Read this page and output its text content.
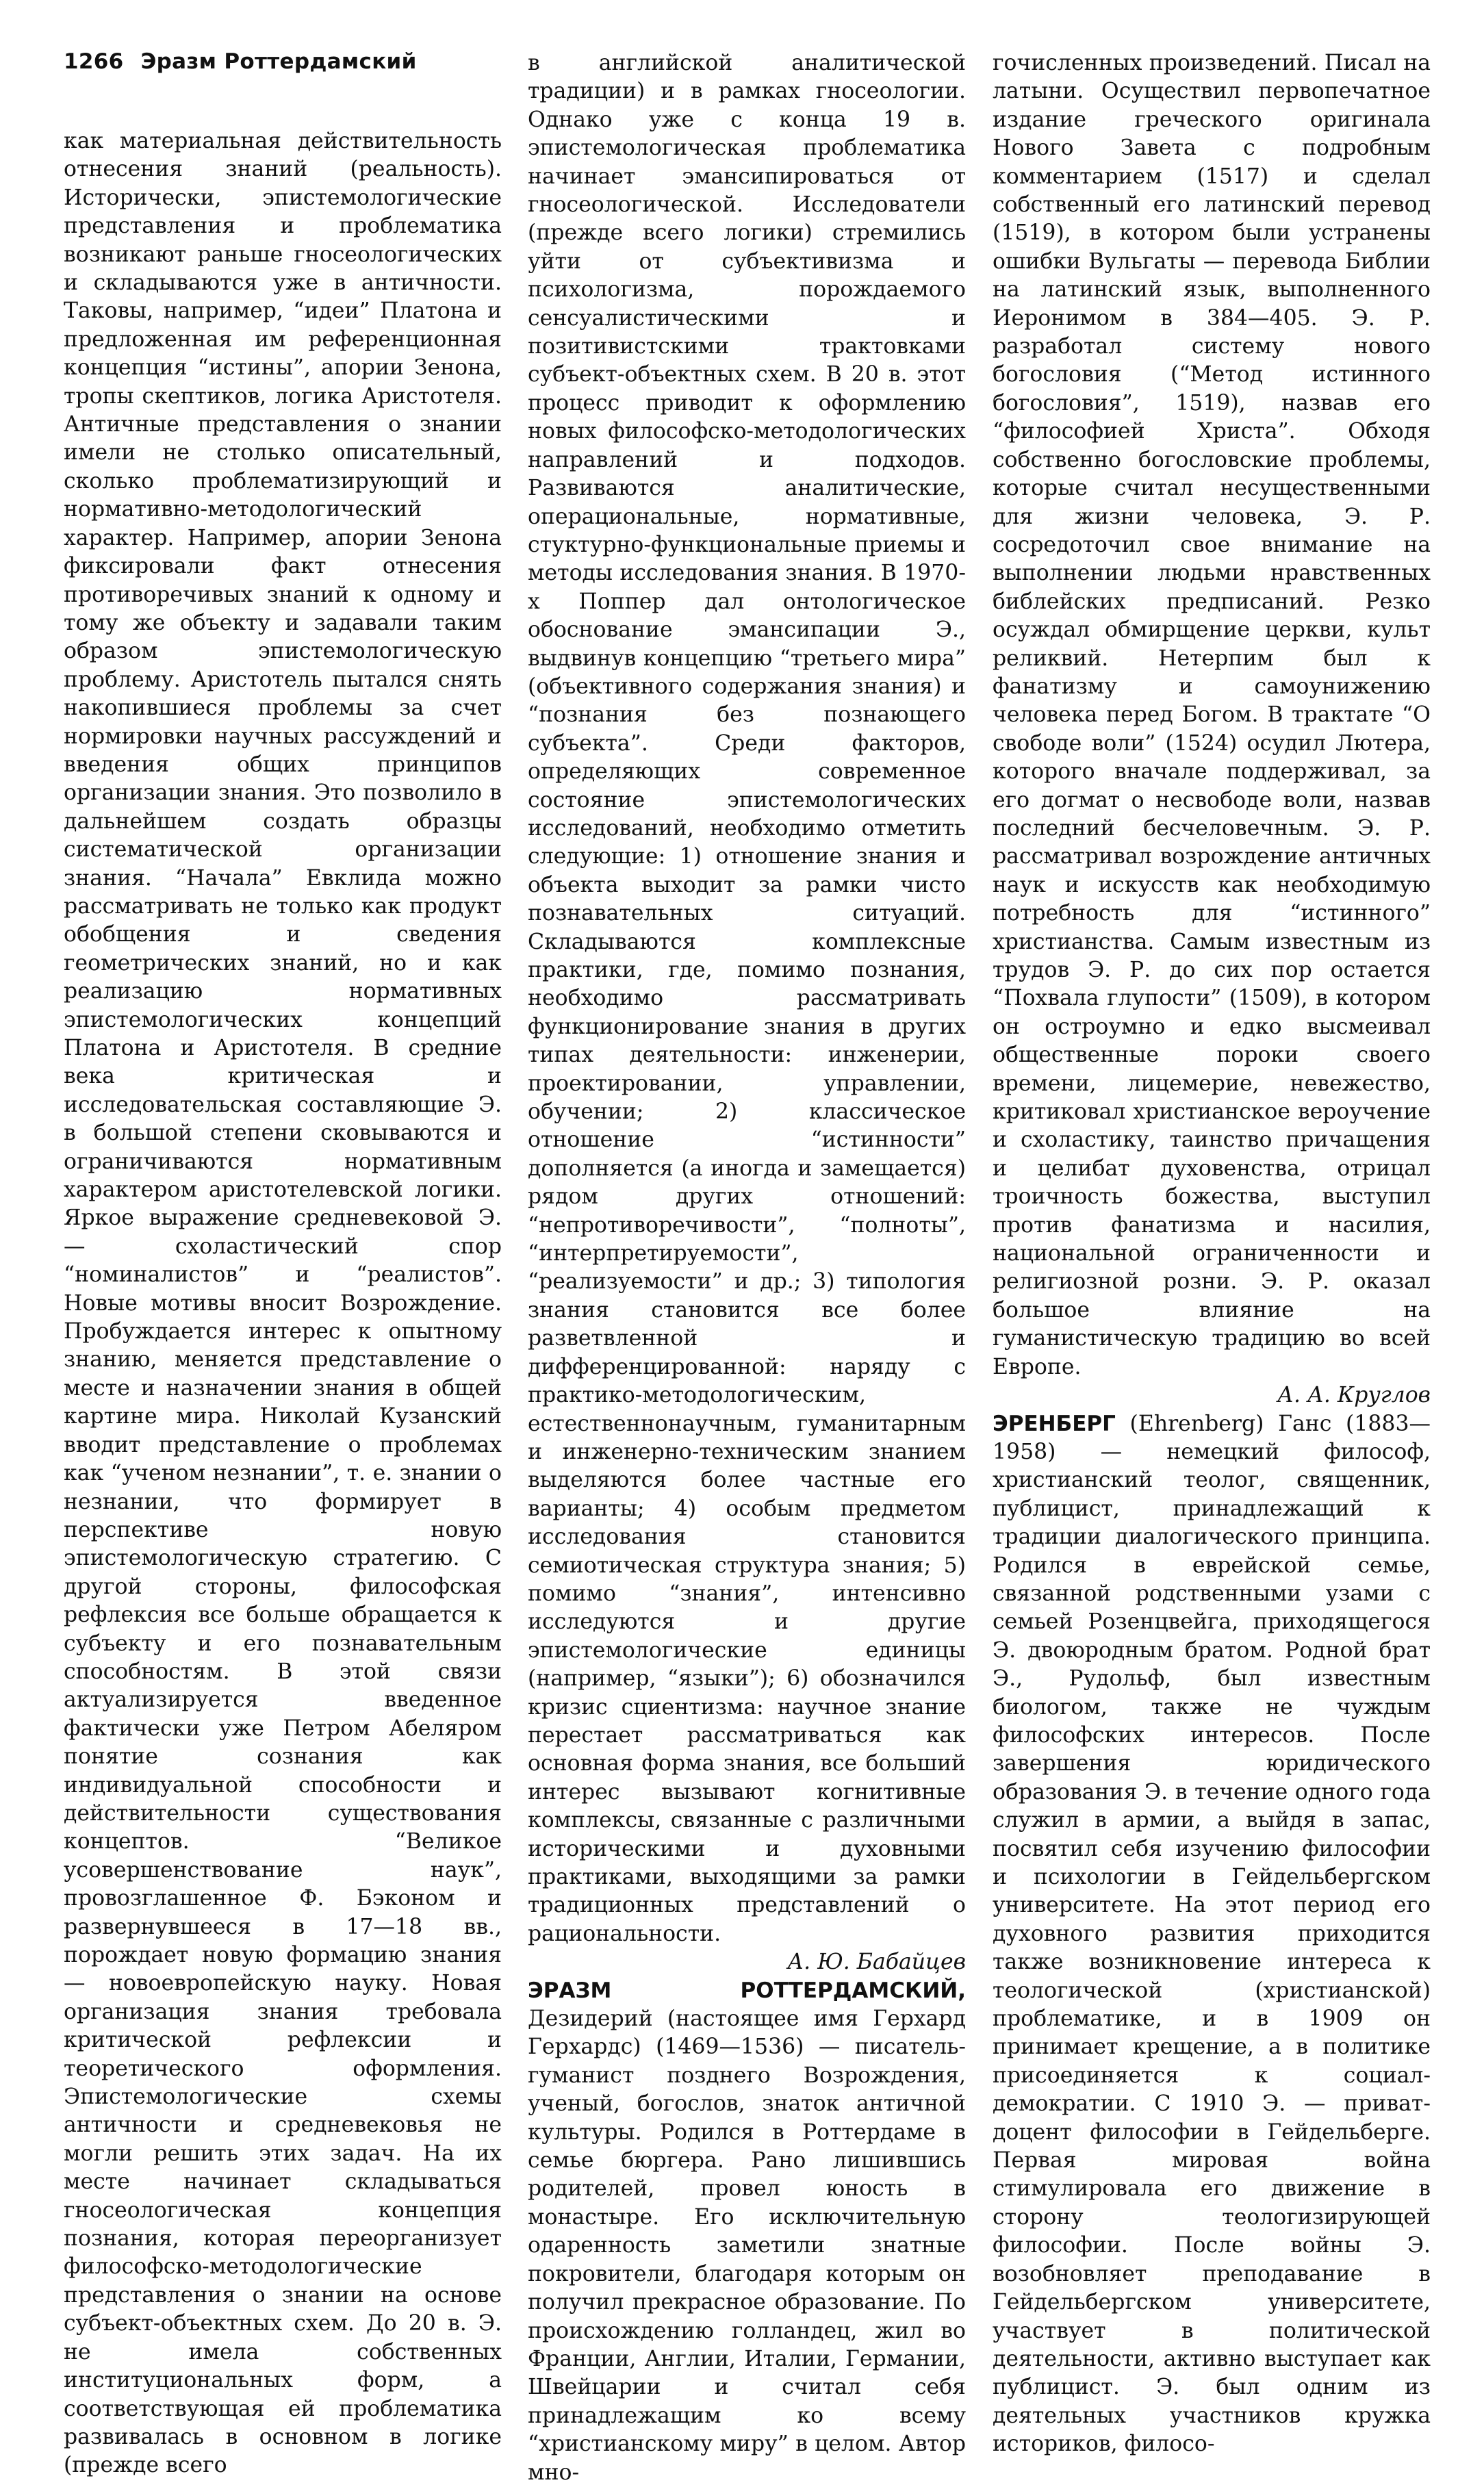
1266 Эразм Роттердамский

как материальная действительность отнесения знаний (реальность). Исторически, эпистемологические представления и проблематика возникают раньше гносеологических и складываются уже в античности. Таковы, например, “идеи” Платона и предложенная им референционная концепция “истины”, апории Зенона, тропы скептиков, логика Аристотеля. Античные представления о знании имели не столько описательный, сколько проблематизирующий и нормативно-методологический характер. Например, апории Зенона фиксировали факт отнесения противоречивых знаний к одному и тому же объекту и задавали таким образом эпистемологическую проблему. Аристотель пытался снять накопившиеся проблемы за счет нормировки научных рассуждений и введения общих принципов организации знания. Это позволило в дальнейшем создать образцы систематической организации знания. “Начала” Евклида можно рассматривать не только как продукт обобщения и сведения геометрических знаний, но и как реализацию нормативных эпистемологических концепций Платона и Аристотеля. В средние века критическая и исследовательская составляющие Э. в большой степени сковываются и ограничиваются нормативным характером аристотелевской логики. Яркое выражение средневековой Э. — схоластический спор “номиналистов” и “реалистов”. Новые мотивы вносит Возрождение. Пробуждается интерес к опытному знанию, меняется представление о месте и назначении знания в общей картине мира. Николай Кузанский вводит представление о проблемах как “ученом незнании”, т. е. знании о незнании, что формирует в перспективе новую эпистемологическую стратегию. С другой стороны, философская рефлексия все больше обращается к субъекту и его познавательным способностям. В этой связи актуализируется введенное фактически уже Петром Абеляром понятие сознания как индивидуальной способности и действительности существования концептов. “Великое усовершенствование наук”, провозглашенное Ф. Бэконом и развернувшееся в 17—18 вв., порождает новую формацию знания — новоевропейскую науку. Новая организация знания требовала критической рефлексии и теоретического оформления. Эпистемологические схемы античности и средневековья не могли решить этих задач. На их месте начинает складываться гносеологическая концепция познания, которая переорганизует философско-методологические представления о знании на основе субъект-объектных схем. До 20 в. Э. не имела собственных институциональных форм, а соответствующая ей проблематика развивалась в основном в логике (прежде всего

в английской аналитической традиции) и в рамках гносеологии. Однако уже с конца 19 в. эпистемологическая проблематика начинает эмансипироваться от гносеологической. Исследователи (прежде всего логики) стремились уйти от субъективизма и психологизма, порождаемого сенсуалистическими и позитивистскими трактовками субъект-объектных схем. В 20 в. этот процесс приводит к оформлению новых философско-методологических направлений и подходов. Развиваются аналитические, операциональные, нормативные, стуктурно-функциональные приемы и методы исследования знания. В 1970-х Поппер дал онтологическое обоснование эмансипации Э., выдвинув концепцию “третьего мира” (объективного содержания знания) и “познания без познающего субъекта”. Среди факторов, определяющих современное состояние эпистемологических исследований, необходимо отметить следующие: 1) отношение знания и объекта выходит за рамки чисто познавательных ситуаций. Складываются комплексные практики, где, помимо познания, необходимо рассматривать функционирование знания в других типах деятельности: инженерии, проектировании, управлении, обучении; 2) классическое отношение “истинности” дополняется (а иногда и замещается) рядом других отношений: “непротиворечивости”, “полноты”, “интерпретируемости”, “реализуемости” и др.; 3) типология знания становится все более разветвленной и дифференцированной: наряду с практико-методологическим, естественнонаучным, гуманитарным и инженерно-техническим знанием выделяются более частные его варианты; 4) особым предметом исследования становится семиотическая структура знания; 5) помимо “знания”, интенсивно исследуются и другие эпистемологические единицы (например, “языки”); 6) обозначился кризис сциентизма: научное знание перестает рассматриваться как основная форма знания, все больший интерес вызывают когнитивные комплексы, связанные с различными историческими и духовными практиками, выходящими за рамки традиционных представлений о рациональности.

А. Ю. Бабайцев

ЭРАЗМ РОТТЕРДАМСКИЙ, Дезидерий (настоящее имя Герхард Герхардс) (1469—1536) — писатель-гуманист позднего Возрождения, ученый, богослов, знаток античной культуры. Родился в Роттердаме в семье бюргера. Рано лишившись родителей, провел юность в монастыре. Его исключительную одаренность заметили знатные покровители, благодаря которым он получил прекрасное образование. По происхождению голландец, жил во Франции, Англии, Италии, Германии, Швейцарии и считал себя принадлежащим ко всему “христианскому миру” в целом. Автор мно-

гочисленных произведений. Писал на латыни. Осуществил первопечатное издание греческого оригинала Нового Завета с подробным комментарием (1517) и сделал собственный его латинский перевод (1519), в котором были устранены ошибки Вульгаты — перевода Библии на латинский язык, выполненного Иеронимом в 384—405. Э. Р. разработал систему нового богословия (“Метод истинного богословия”, 1519), назвав его “философией Христа”. Обходя собственно богословские проблемы, которые считал несущественными для жизни человека, Э. Р. сосредоточил свое внимание на выполнении людьми нравственных библейских предписаний. Резко осуждал обмирщение церкви, культ реликвий. Нетерпим был к фанатизму и самоунижению человека перед Богом. В трактате “О свободе воли” (1524) осудил Лютера, которого вначале поддерживал, за его догмат о несвободе воли, назвав последний бесчеловечным. Э. Р. рассматривал возрождение античных наук и искусств как необходимую потребность для “истинного” христианства. Самым известным из трудов Э. Р. до сих пор остается “Похвала глупости” (1509), в котором он остроумно и едко высмеивал общественные пороки своего времени, лицемерие, невежество, критиковал христианское вероучение и схоластику, таинство причащения и целибат духовенства, отрицал троичность божества, выступил против фанатизма и насилия, национальной ограниченности и религиозной розни. Э. Р. оказал большое влияние на гуманистическую традицию во всей Европе.

А. А. Круглов

ЭРЕНБЕРГ (Ehrenberg) Ганс (1883—1958) — немецкий философ, христианский теолог, священник, публицист, принадлежащий к традиции диалогического принципа. Родился в еврейской семье, связанной родственными узами с семьей Розенцвейга, приходящегося Э. двоюродным братом. Родной брат Э., Рудольф, был известным биологом, также не чуждым философских интересов. После завершения юридического образования Э. в течение одного года служил в армии, а выйдя в запас, посвятил себя изучению философии и психологии в Гейдельбергском университете. На этот период его духовного развития приходится также возникновение интереса к теологической (христианской) проблематике, и в 1909 он принимает крещение, а в политике присоединяется к социал-демократии. С 1910 Э. — приват-доцент философии в Гейдельберге. Первая мировая война стимулировала его движение в сторону теологизирующей философии. После войны Э. возобновляет преподавание в Гейдельбергском университете, участвует в политической деятельности, активно выступает как публицист. Э. был одним из деятельных участников кружка историков, филосо-
